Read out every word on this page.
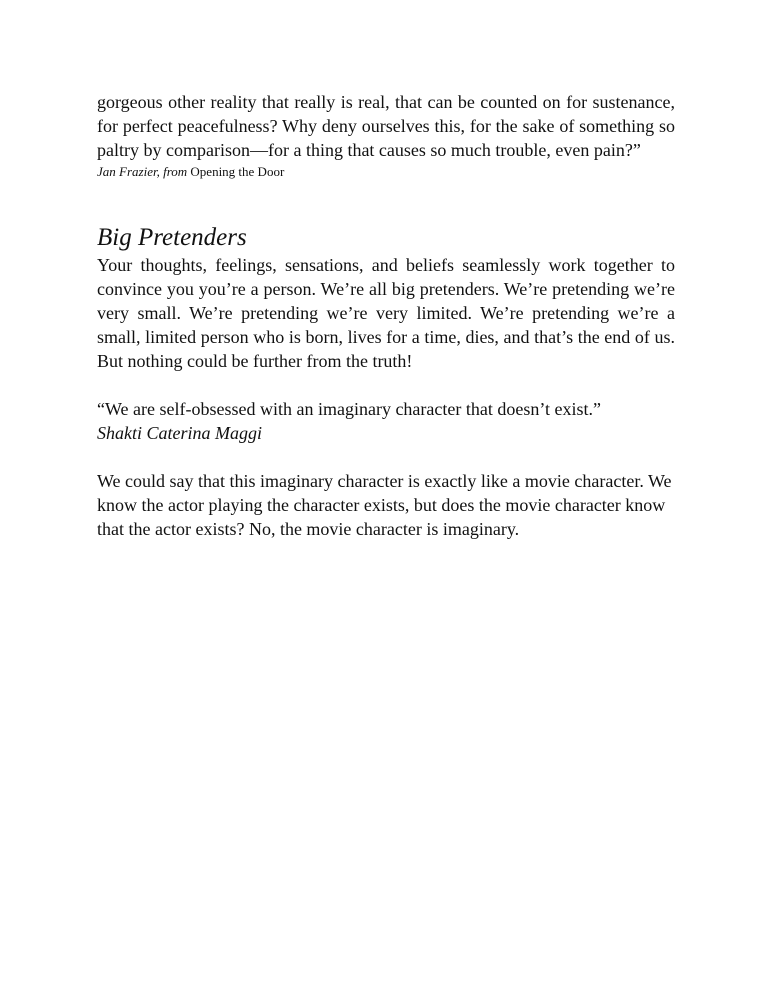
gorgeous other reality that really is real, that can be counted on for sustenance, for perfect peacefulness? Why deny ourselves this, for the sake of something so paltry by comparison—for a thing that causes so much trouble, even pain?”

Jan Frazier, from Opening the Door
Big Pretenders

Your thoughts, feelings, sensations, and beliefs seamlessly work together to convince you you’re a person. We’re all big pretenders. We’re pretending we’re very small. We’re pretending we’re very limited. We’re pretending we’re a small, limited person who is born, lives for a time, dies, and that’s the end of us. But nothing could be further from the truth!

“We are self-obsessed with an imaginary character that doesn’t exist.”

Shakti Caterina Maggi

We could say that this imaginary character is exactly like a movie character. We know the actor playing the character exists, but does the movie character know that the actor exists? No, the movie character is imaginary.
